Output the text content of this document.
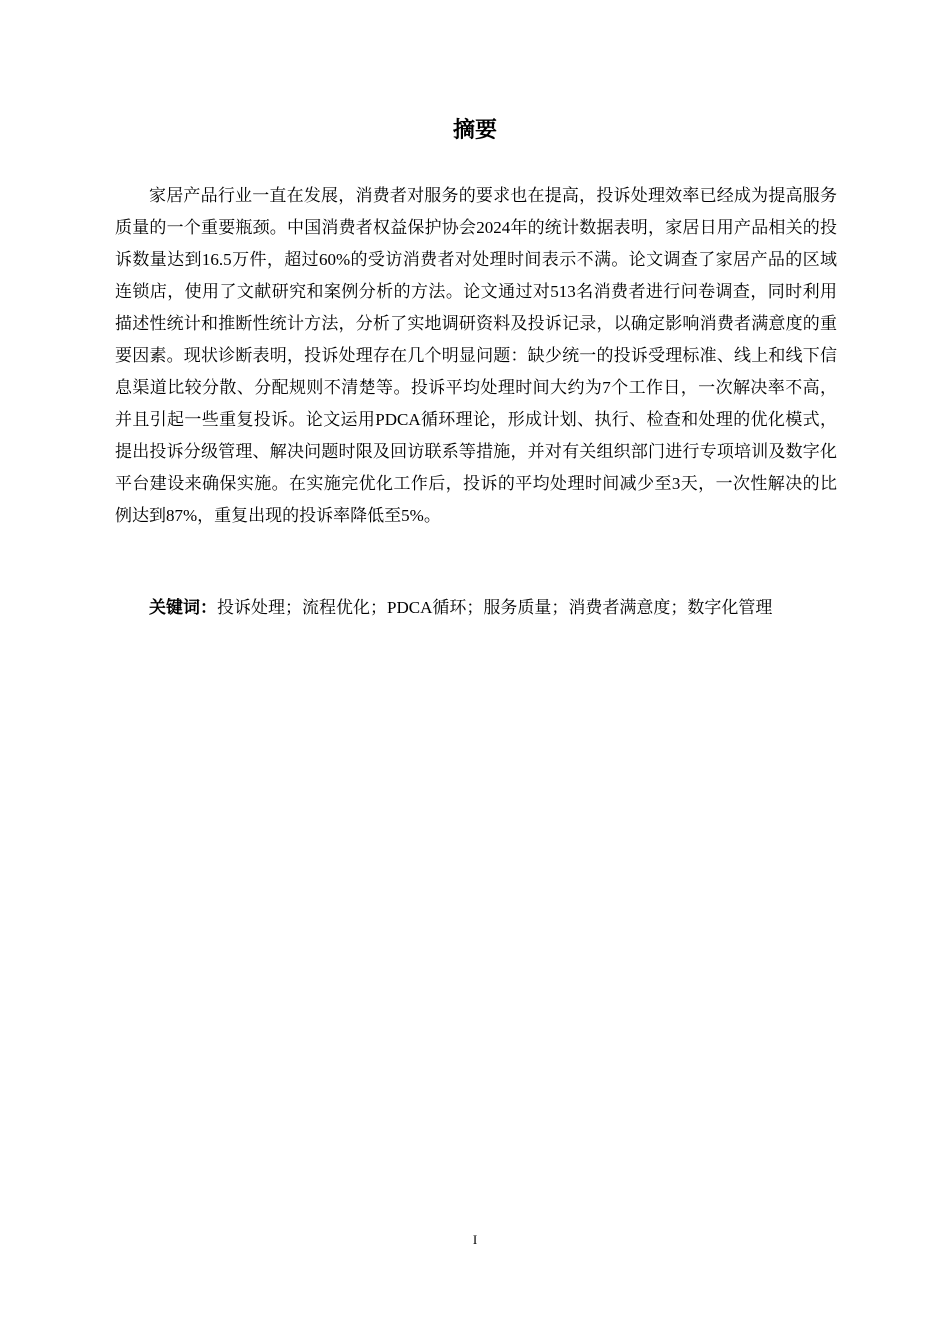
摘要

家居产品行业一直在发展，消费者对服务的要求也在提高，投诉处理效率已经成为提高服务质量的一个重要瓶颈。中国消费者权益保护协会2024年的统计数据表明，家居日用产品相关的投诉数量达到16.5万件，超过60%的受访消费者对处理时间表示不满。论文调查了家居产品的区域连锁店，使用了文献研究和案例分析的方法。论文通过对513名消费者进行问卷调查，同时利用描述性统计和推断性统计方法，分析了实地调研资料及投诉记录，以确定影响消费者满意度的重要因素。现状诊断表明，投诉处理存在几个明显问题：缺少统一的投诉受理标准、线上和线下信息渠道比较分散、分配规则不清楚等。投诉平均处理时间大约为7个工作日，一次解决率不高，并且引起一些重复投诉。论文运用PDCA循环理论，形成计划、执行、检查和处理的优化模式，提出投诉分级管理、解决问题时限及回访联系等措施，并对有关组织部门进行专项培训及数字化平台建设来确保实施。在实施完优化工作后，投诉的平均处理时间减少至3天，一次性解决的比例达到87%，重复出现的投诉率降低至5%。

关键词：投诉处理；流程优化；PDCA循环；服务质量；消费者满意度；数字化管理

I
